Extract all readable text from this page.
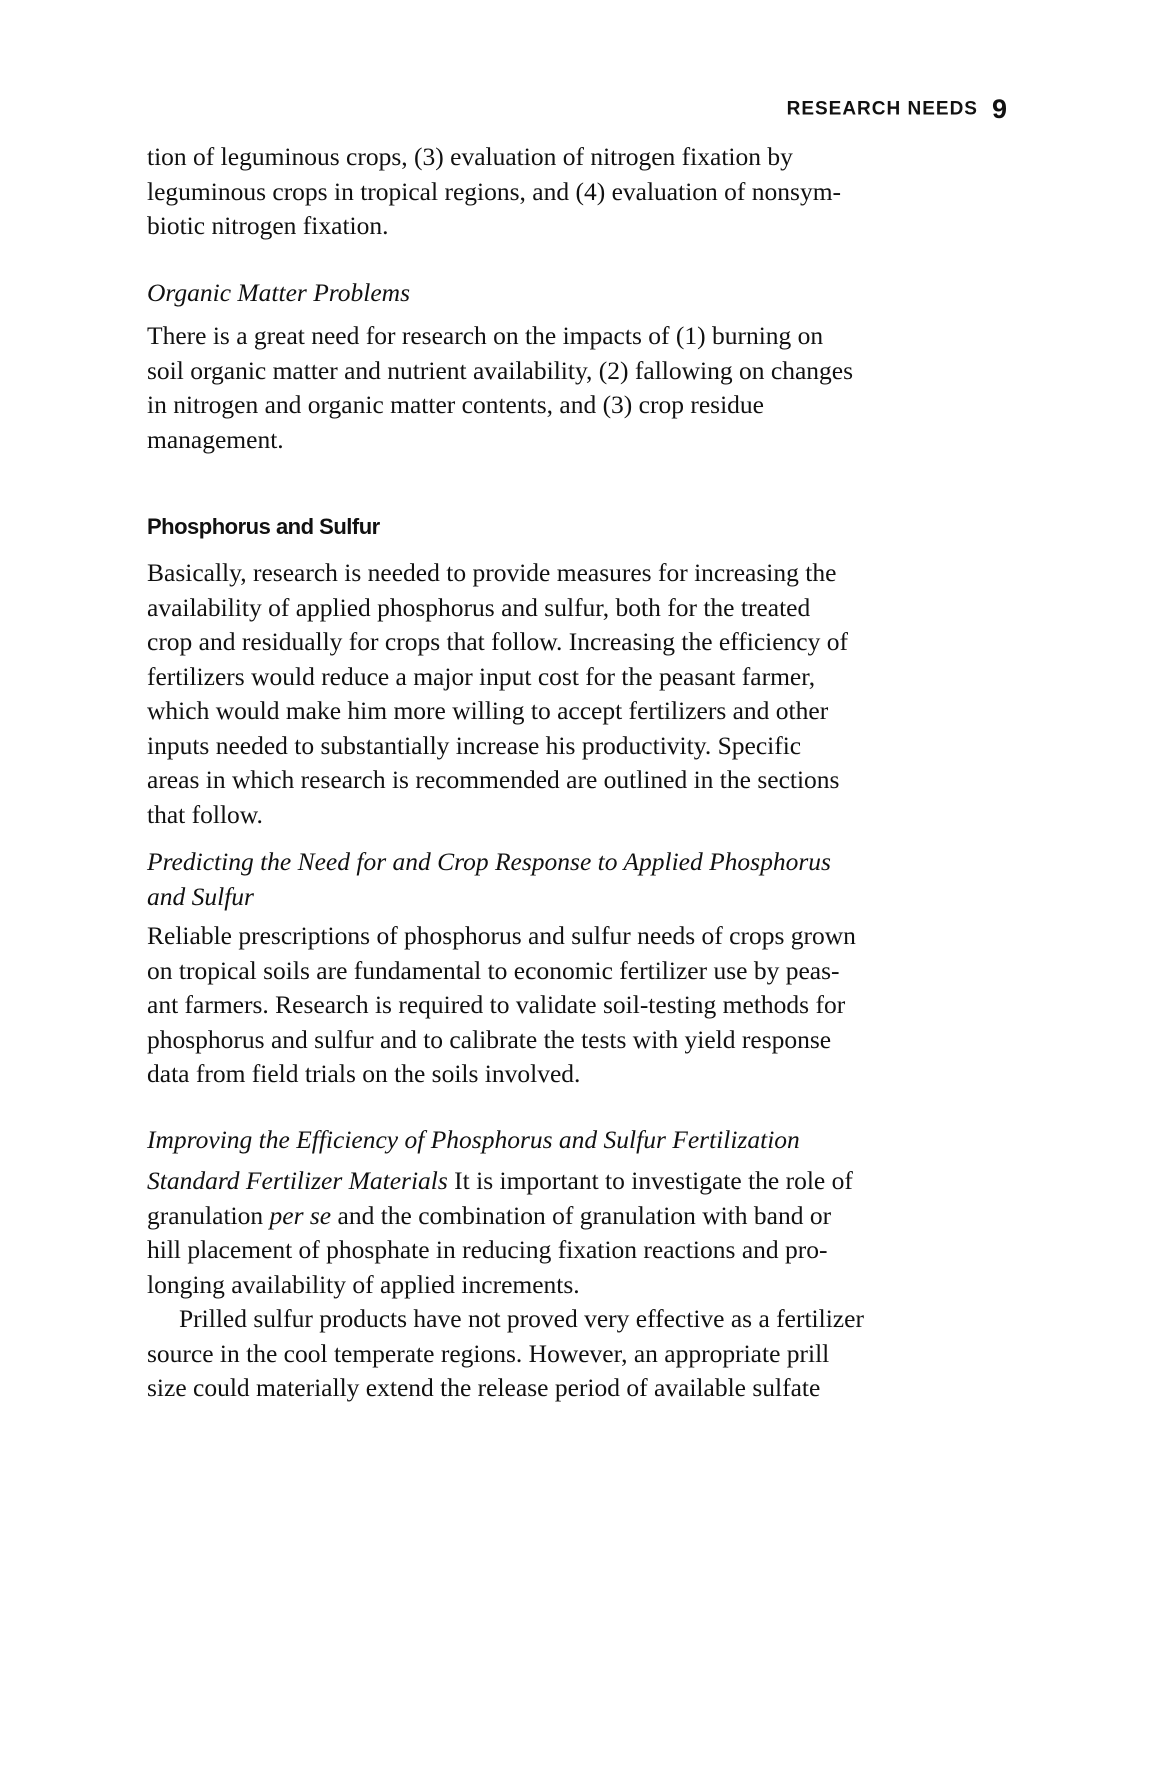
RESEARCH NEEDS 9

tion of leguminous crops, (3) evaluation of nitrogen fixation by
leguminous crops in tropical regions, and (4) evaluation of nonsym-
biotic nitrogen fixation.

Organic Matter Problems

There is a great need for research on the impacts of (1) burning on
soil organic matter and nutrient availability, (2) fallowing on changes
in nitrogen and organic matter contents, and (3) crop residue
management.

Phosphorus and Sulfur

Basically, research is needed to provide measures for increasing the
availability of applied phosphorus and sulfur, both for the treated
crop and residually for crops that follow. Increasing the efficiency of
fertilizers would reduce a major input cost for the peasant farmer,
which would make him more willing to accept fertilizers and other
inputs needed to substantially increase his productivity. Specific
areas in which research is recommended are outlined in the sections
that follow.

Predicting the Need for and Crop Response to Applied Phosphorus
and Sulfur

Reliable prescriptions of phosphorus and sulfur needs of crops grown
on tropical soils are fundamental to economic fertilizer use by peas-
ant farmers. Research is required to validate soil-testing methods for
phosphorus and sulfur and to calibrate the tests with yield response
data from field trials on the soils involved.

Improving the Efficiency of Phosphorus and Sulfur Fertilization

Standard Fertilizer Materials It is important to investigate the role of
granulation per se and the combination of granulation with band or
hill placement of phosphate in reducing fixation reactions and pro-
longing availability of applied increments.

Prilled sulfur products have not proved very effective as a fertilizer
source in the cool temperate regions. However, an appropriate prill
size could materially extend the release period of available sulfate
